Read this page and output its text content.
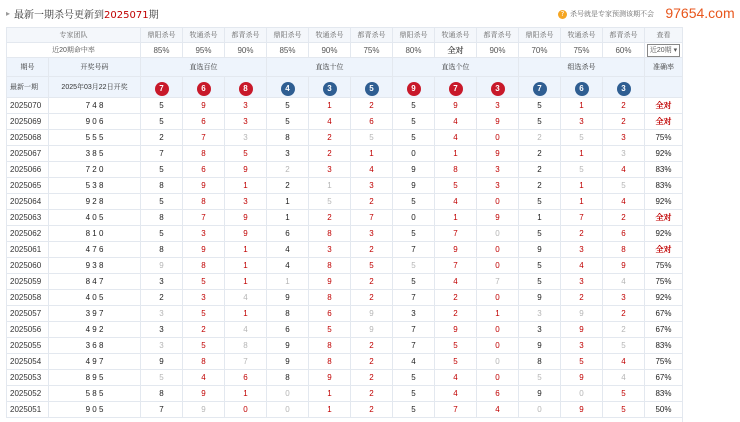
▸ 最新一期杀号更新到2025071期	? 杀号就是专家预测该期不会 97654.com
专家团队		鼎阳杀号	牧通杀号	都青杀号	鼎阳杀号	牧通杀号	都青杀号	鼎阳杀号	牧通杀号	都青杀号	鼎阳杀号	牧通杀号	都青杀号	查看
近20期命中率		85%	95%	90%	85%	90%	75%	80%	全对	90%	70%	75%	60%	近20期 ▾
期号	开奖号码	直选百位			直选十位			直选个位			组选杀号			准确率
最新一期	2025年03月22日开奖	7	6	8	4	3	5	9	7	3	7	6	3	
2025070	7 4 8	5	9	3	5	1	2	5	9	3	5	1	2	全对
2025069	9 0 6	5	6	3	5	4	6	5	4	9	5	3	2	全对
2025068	5 5 5	2	7	3	8	2	5	5	4	0	2	5	3	75%
2025067	3 8 5	7	8	5	3	2	1	0	1	9	2	1	3	92%
2025066	7 2 0	5	6	9	2	3	4	9	8	3	2	5	4	83%
2025065	5 3 8	8	9	1	2	1	3	9	5	3	2	1	5	83%
2025064	9 2 8	5	8	3	1	5	2	5	4	0	5	1	4	92%
2025063	4 0 5	8	7	9	1	2	7	0	1	9	1	7	2	全对
2025062	8 1 0	5	3	9	6	8	3	5	7	0	5	2	6	92%
2025061	4 7 6	8	9	1	4	3	2	7	9	0	9	3	8	全对
2025060	9 3 8	9	8	1	4	8	5	5	7	0	5	4	9	75%
2025059	8 4 7	3	5	1	1	9	2	5	4	7	5	3	4	75%
2025058	4 0 5	2	3	4	9	8	2	7	2	0	9	2	3	92%
2025057	3 9 7	3	5	1	8	6	9	3	2	1	3	9	2	67%
2025056	4 9 2	3	2	4	6	5	9	7	9	0	3	9	2	67%
2025055	3 6 8	3	5	8	9	8	2	7	5	0	9	3	5	83%
2025054	4 9 7	9	8	7	9	8	2	4	5	0	8	5	4	75%
2025053	8 9 5	5	4	6	8	9	2	5	4	0	5	9	4	67%
2025052	5 8 5	8	9	1	0	1	2	5	4	6	9	0	5	83%
2025051	9 0 5	7	9	0	0	1	2	5	7	4	0	9	5	50%
